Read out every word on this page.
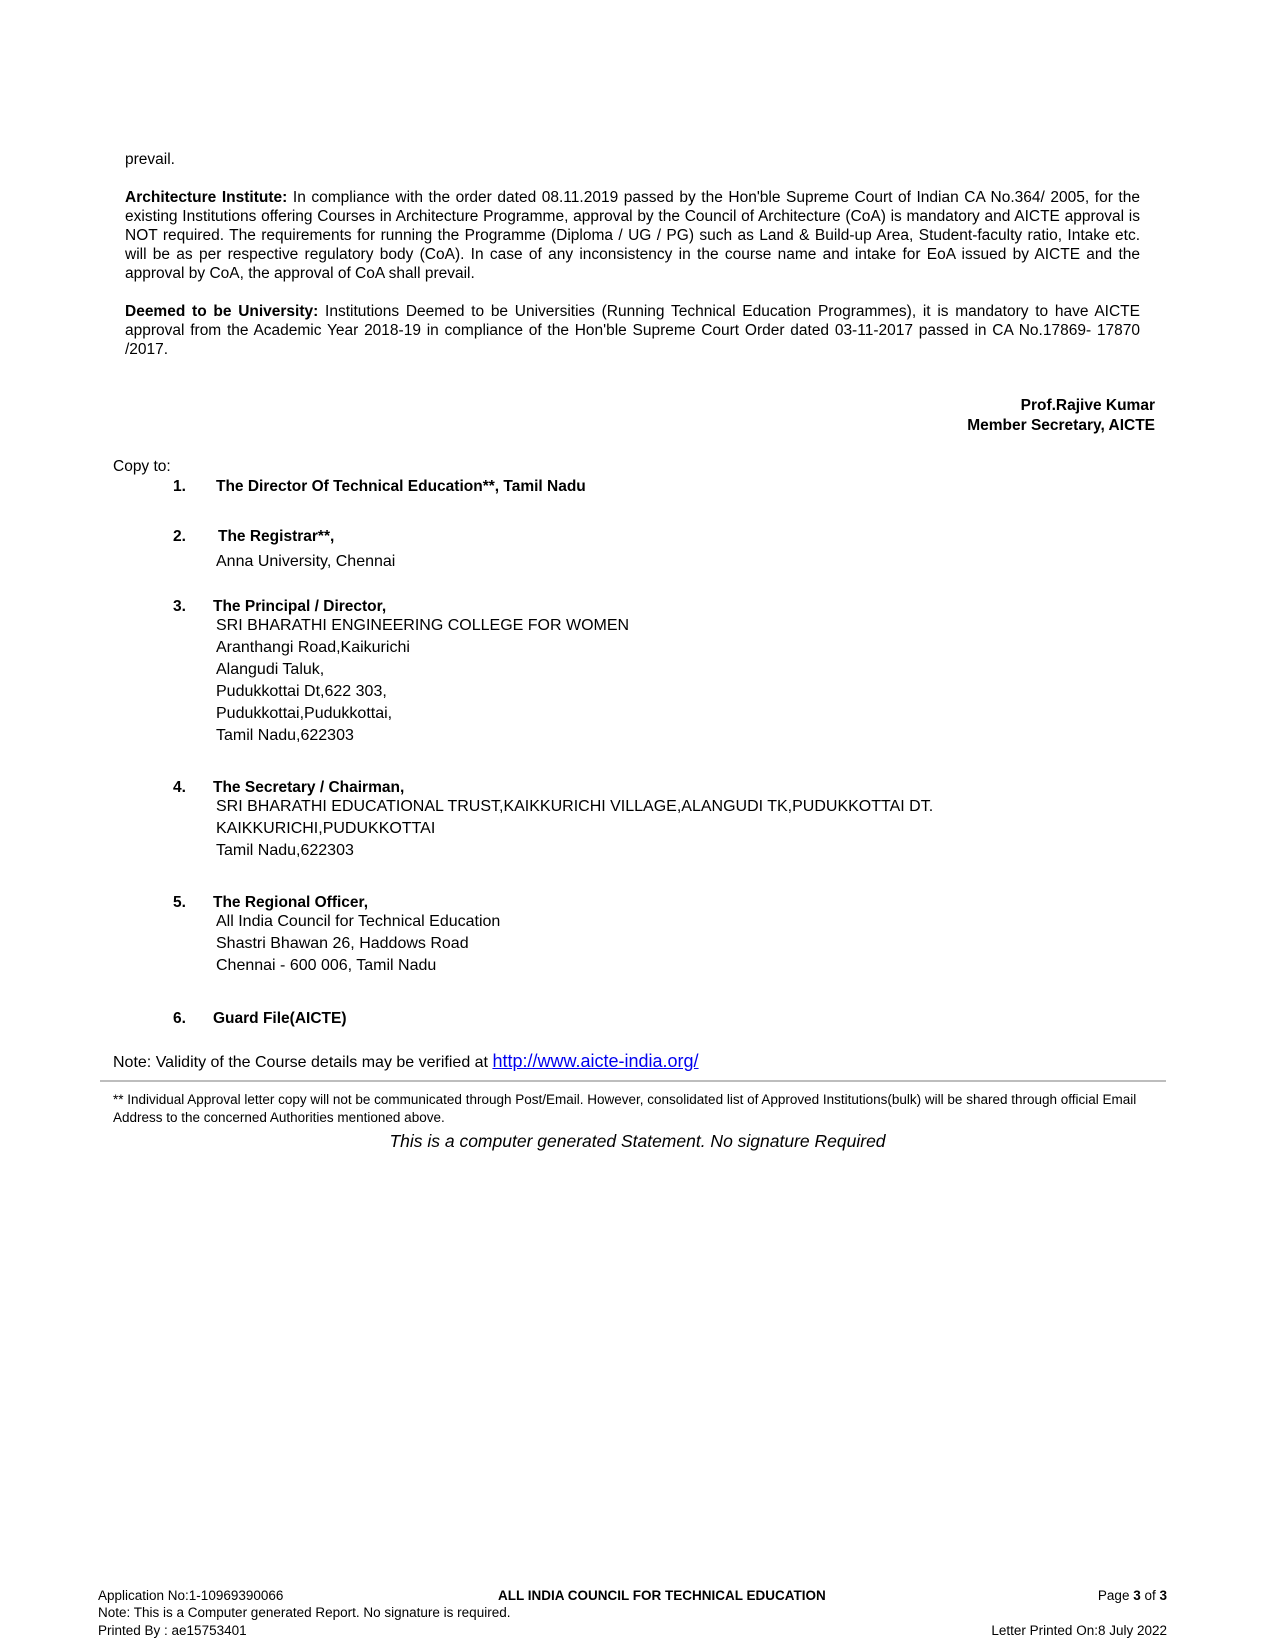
prevail.

Architecture Institute: In compliance with the order dated 08.11.2019 passed by the Hon'ble Supreme Court of Indian CA No.364/ 2005, for the existing Institutions offering Courses in Architecture Programme, approval by the Council of Architecture (CoA) is mandatory and AICTE approval is NOT required. The requirements for running the Programme (Diploma / UG / PG) such as Land & Build-up Area, Student-faculty ratio, Intake etc. will be as per respective regulatory body (CoA). In case of any inconsistency in the course name and intake for EoA issued by AICTE and the approval by CoA, the approval of CoA shall prevail.

Deemed to be University: Institutions Deemed to be Universities (Running Technical Education Programmes), it is mandatory to have AICTE approval from the Academic Year 2018-19 in compliance of the Hon'ble Supreme Court Order dated 03-11-2017 passed in CA No.17869- 17870 /2017.

Prof.Rajive Kumar
Member Secretary, AICTE
Copy to:
1. The Director Of Technical Education**, Tamil Nadu
2. The Registrar**,
Anna University, Chennai
3. The Principal / Director,
SRI BHARATHI ENGINEERING COLLEGE FOR WOMEN
Aranthangi Road,Kaikurichi
Alangudi Taluk,
Pudukkottai Dt,622 303,
Pudukkottai,Pudukkottai,
Tamil Nadu,622303
4. The Secretary / Chairman,
SRI BHARATHI EDUCATIONAL TRUST,KAIKKURICHI VILLAGE,ALANGUDI TK,PUDUKKOTTAI DT.
KAIKKURICHI,PUDUKKOTTAI
Tamil Nadu,622303
5. The Regional Officer,
All India Council for Technical Education
Shastri Bhawan 26, Haddows Road
Chennai - 600 006, Tamil Nadu
6. Guard File(AICTE)
Note: Validity of the Course details may be verified at http://www.aicte-india.org/
** Individual Approval letter copy will not be communicated through Post/Email. However, consolidated list of Approved Institutions(bulk) will be shared through official Email Address to the concerned Authorities mentioned above.
This is a computer generated Statement. No signature Required
Application No:1-10969390066	ALL INDIA COUNCIL FOR TECHNICAL EDUCATION	Page 3 of 3
Note: This is a Computer generated Report. No signature is required.
Printed By : ae15753401	Letter Printed On:8 July 2022
